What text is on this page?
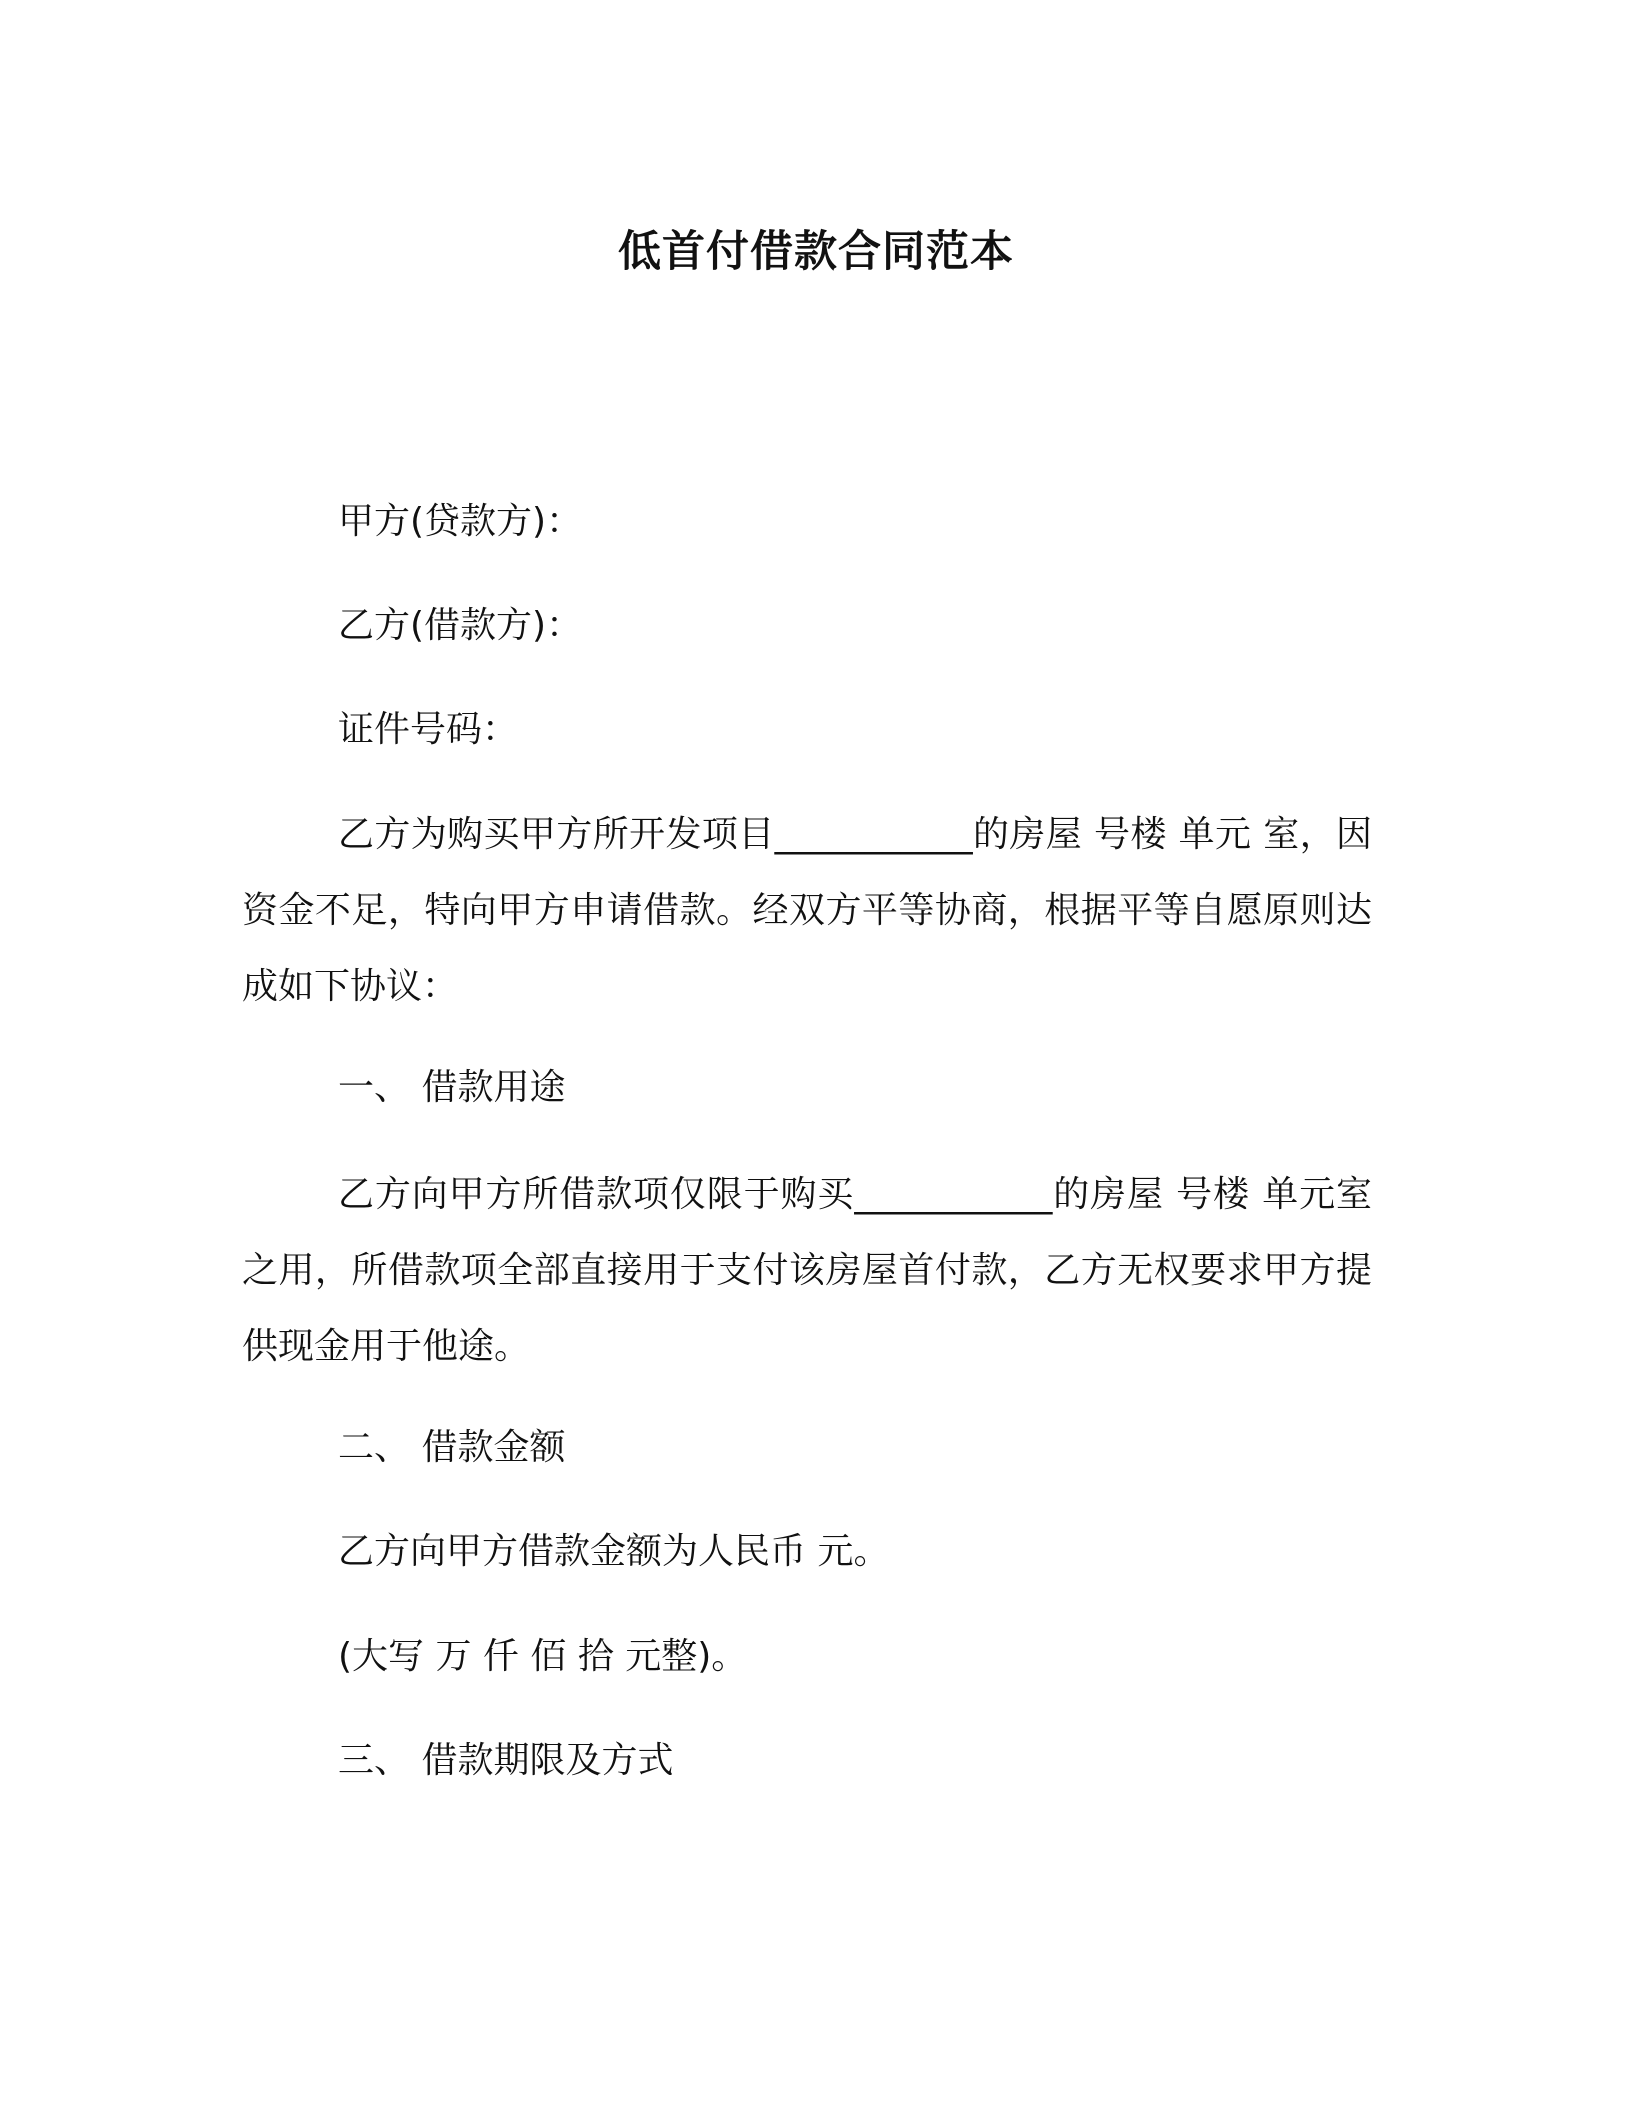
低首付借款合同范本
甲方(贷款方)：
乙方(借款方)：
证件号码：
乙方为购买甲方所开发项目___________的房屋 号楼 单元 室，因资金不足，特向甲方申请借款。经双方平等协商，根据平等自愿原则达成如下协议：
一、 借款用途
乙方向甲方所借款项仅限于购买___________的房屋 号楼 单元室之用，所借款项全部直接用于支付该房屋首付款，乙方无权要求甲方提供现金用于他途。
二、 借款金额
乙方向甲方借款金额为人民币 元。
(大写 万 仟 佰 拾 元整)。
三、 借款期限及方式
